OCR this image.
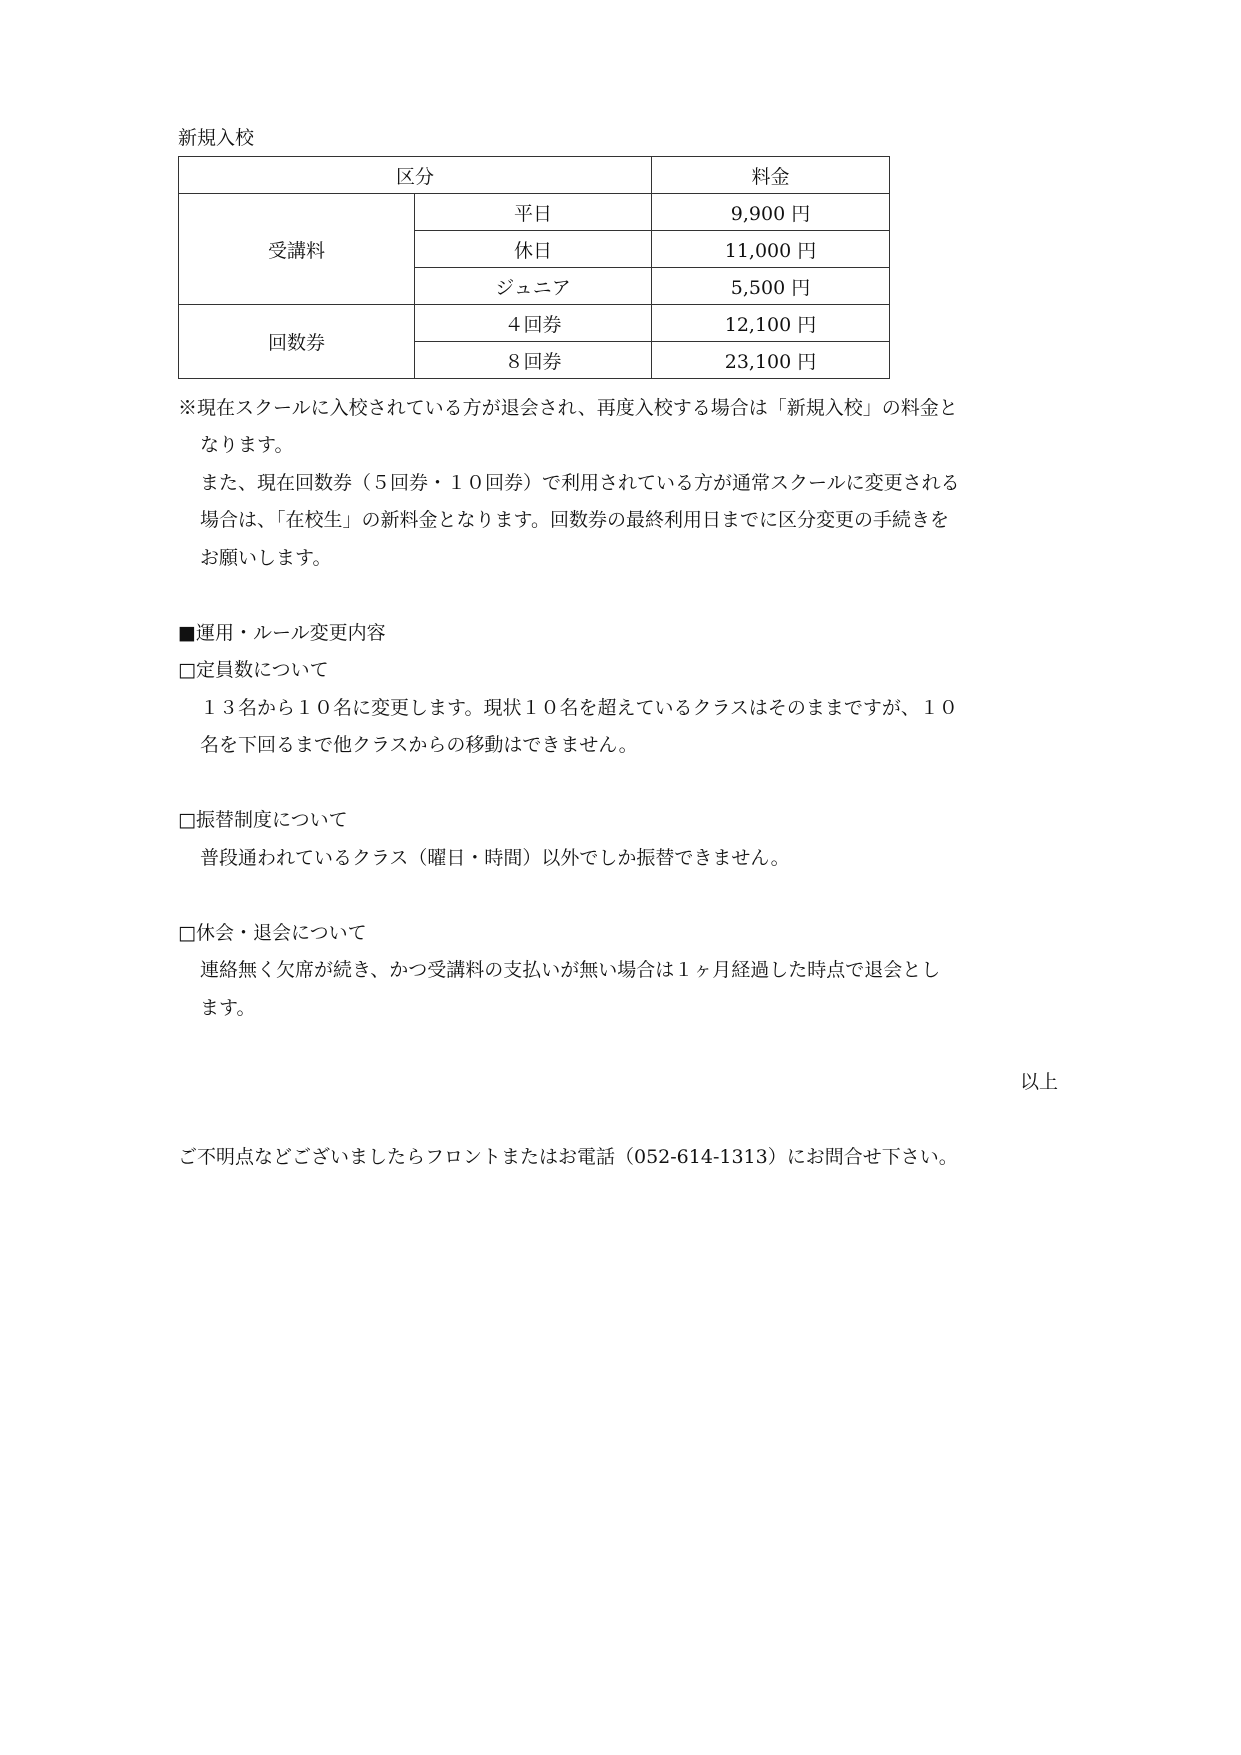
新規入校
区分		料金
受講料	平日	9,900 円
	休日	11,000 円
	ジュニア	5,500 円
回数券	４回券	12,100 円
	８回券	23,100 円
※現在スクールに入校されている方が退会され、再度入校する場合は「新規入校」の料金と
なります。
また、現在回数券（５回券・１０回券）で利用されている方が通常スクールに変更される
場合は、「在校生」の新料金となります。回数券の最終利用日までに区分変更の手続きを
お願いします。
■運用・ルール変更内容
□定員数について
１３名から１０名に変更します。現状１０名を超えているクラスはそのままですが、１０
名を下回るまで他クラスからの移動はできません。
□振替制度について
普段通われているクラス（曜日・時間）以外でしか振替できません。
□休会・退会について
連絡無く欠席が続き、かつ受講料の支払いが無い場合は１ヶ月経過した時点で退会とし
ます。
以上
ご不明点などございましたらフロントまたはお電話（052-614-1313）にお問合せ下さい。
